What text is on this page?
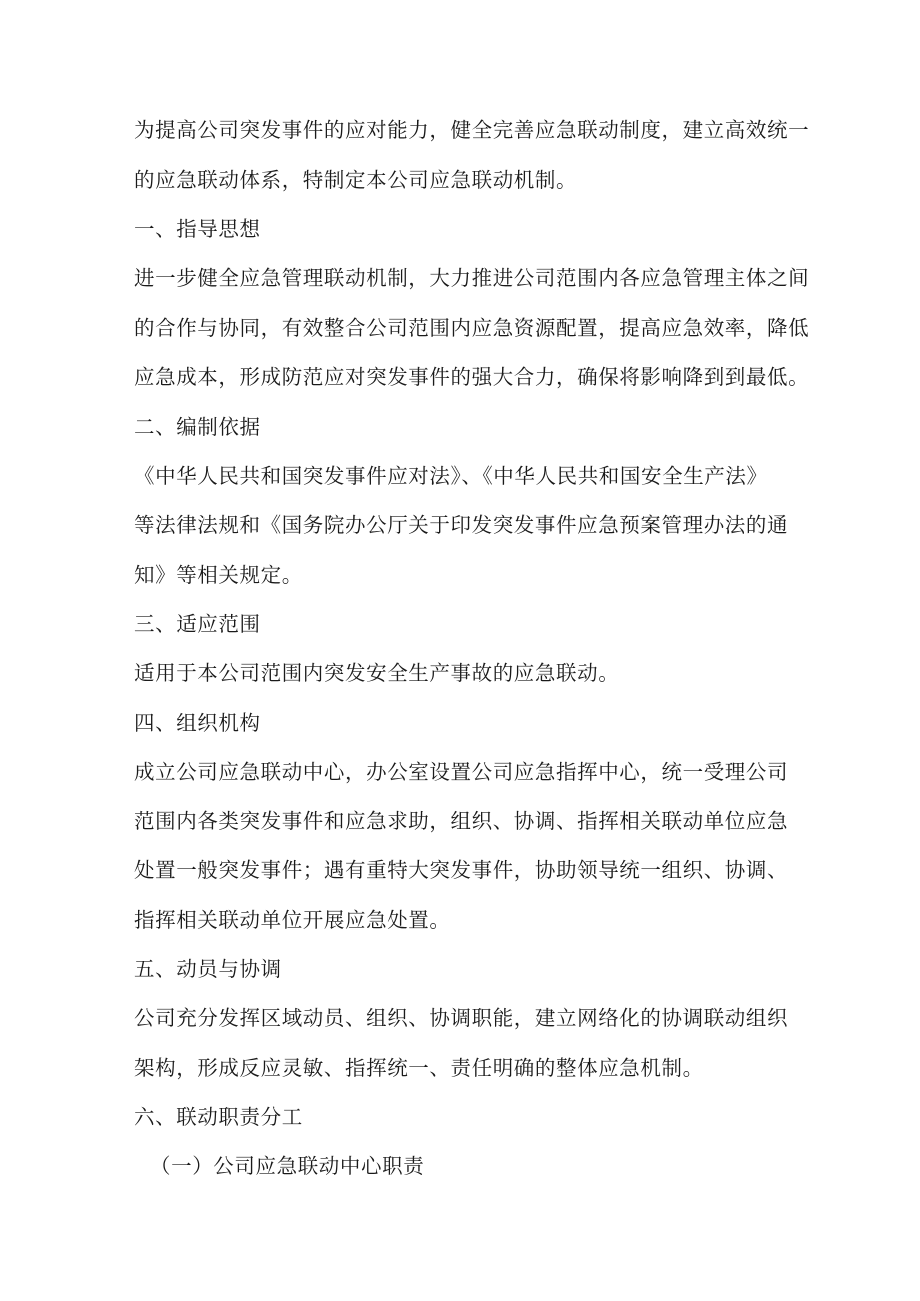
为提高公司突发事件的应对能力，健全完善应急联动制度，建立高效统一
的应急联动体系，特制定本公司应急联动机制。
一、指导思想
进一步健全应急管理联动机制，大力推进公司范围内各应急管理主体之间
的合作与协同，有效整合公司范围内应急资源配置，提高应急效率，降低
应急成本，形成防范应对突发事件的强大合力，确保将影响降到到最低。
二、编制依据
《中华人民共和国突发事件应对法》、《中华人民共和国安全生产法》
等法律法规和《国务院办公厅关于印发突发事件应急预案管理办法的通
知》等相关规定。
三、适应范围
适用于本公司范围内突发安全生产事故的应急联动。
四、组织机构
成立公司应急联动中心，办公室设置公司应急指挥中心，统一受理公司
范围内各类突发事件和应急求助，组织、协调、指挥相关联动单位应急
处置一般突发事件；遇有重特大突发事件，协助领导统一组织、协调、
指挥相关联动单位开展应急处置。
五、动员与协调
公司充分发挥区域动员、组织、协调职能，建立网络化的协调联动组织
架构，形成反应灵敏、指挥统一、责任明确的整体应急机制。
六、联动职责分工
（一）公司应急联动中心职责
